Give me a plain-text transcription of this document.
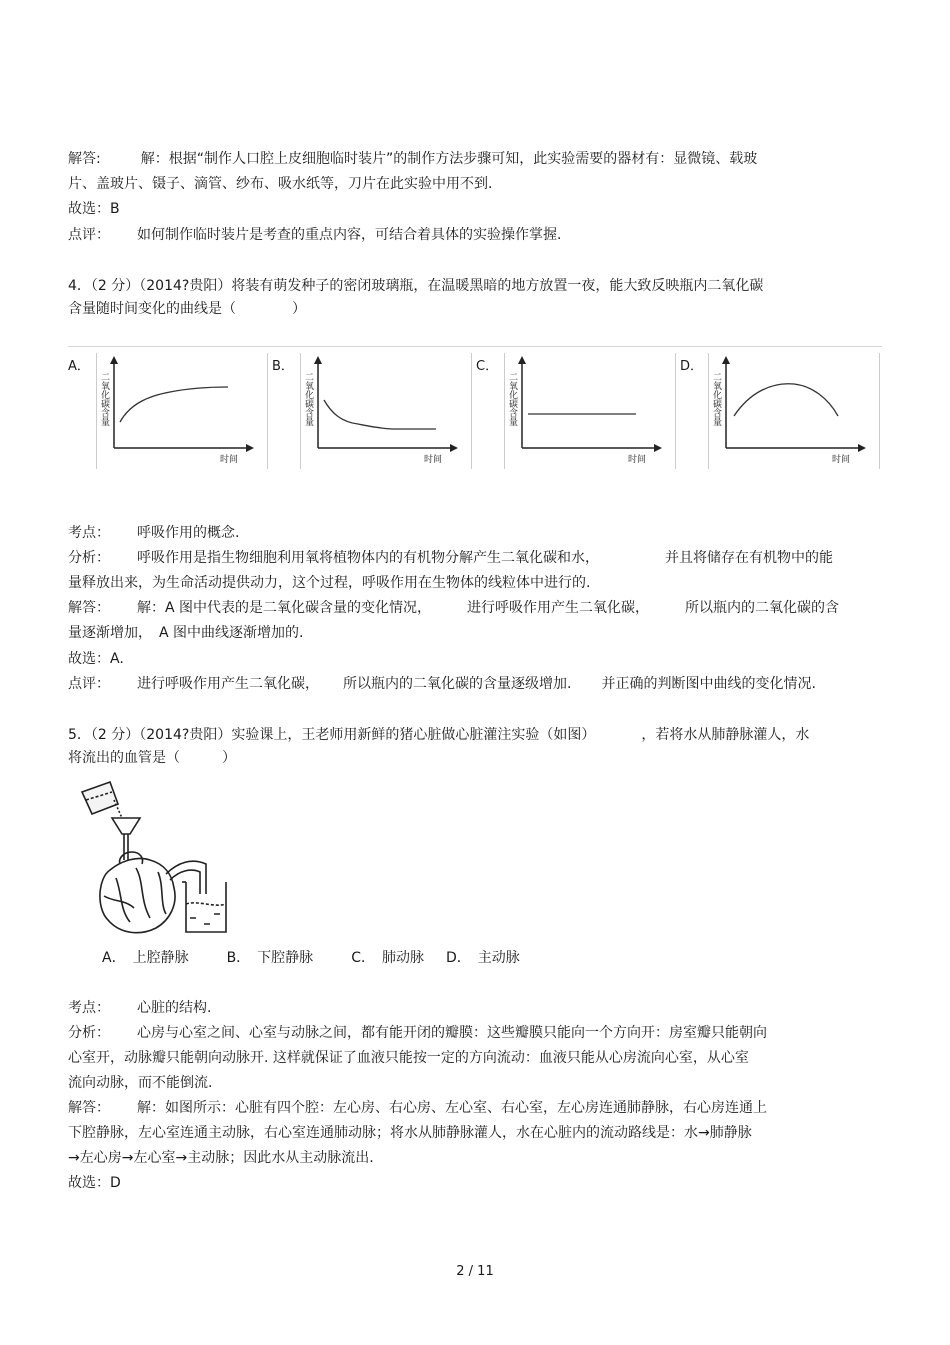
解答:	解：根据“制作人口腔上皮细胞临时装片”的制作方法步骤可知，此实验需要的器材有：显微镜、载玻
片、盖玻片、镊子、滴管、纱布、吸水纸等，刀片在此实验中用不到.
故选：B
点评： 如何制作临时装片是考查的重点内容，可结合着具体的实验操作掌握.
4．（2 分）（2014?贵阳）将装有萌发种子的密闭玻璃瓶，在温暖黑暗的地方放置一夜，能大致反映瓶内二氧化碳
含量随时间变化的曲线是（　　　　）
A．
二氧化碳含量
时间
B．
二氧化碳含量
时间
C．
二氧化碳含量
时间
D．
二氧化碳含量
时间
考点： 呼吸作用的概念.
分析： 呼吸作用是指生物细胞利用氧将植物体内的有机物分解产生二氧化碳和水，	并且将储存在有机物中的能
量释放出来，为生命活动提供动力，这个过程，呼吸作用在生物体的线粒体中进行的.
解答： 解：A 图中代表的是二氧化碳含量的变化情况，	进行呼吸作用产生二氧化碳，	所以瓶内的二氧化碳的含
量逐渐增加，　A 图中曲线逐渐增加的.
故选：A.
点评： 进行呼吸作用产生二氧化碳， 所以瓶内的二氧化碳的含量逐级增加. 并正确的判断图中曲线的变化情况.
5．（2 分）（2014?贵阳）实验课上，王老师用新鲜的猪心脏做心脏灌注实验（如图）	，若将水从肺静脉灌人，水
将流出的血管是（　　　）
A．　上腔静脉	B．　下腔静脉	C．　肺动脉 D．　主动脉
考点： 心脏的结构.
分析： 心房与心室之间、心室与动脉之间，都有能开闭的瓣膜：这些瓣膜只能向一个方向开：房室瓣只能朝向
心室开，动脉瓣只能朝向动脉开. 这样就保证了血液只能按一定的方向流动：血液只能从心房流向心室，从心室
流向动脉，而不能倒流.
解答： 解：如图所示：心脏有四个腔：左心房、右心房、左心室、右心室，左心房连通肺静脉，右心房连通上
下腔静脉，左心室连通主动脉，右心室连通肺动脉；将水从肺静脉灌人，水在心脏内的流动路线是：水→肺静脉
→左心房→左心室→主动脉；因此水从主动脉流出.
故选：D
2 / 11
